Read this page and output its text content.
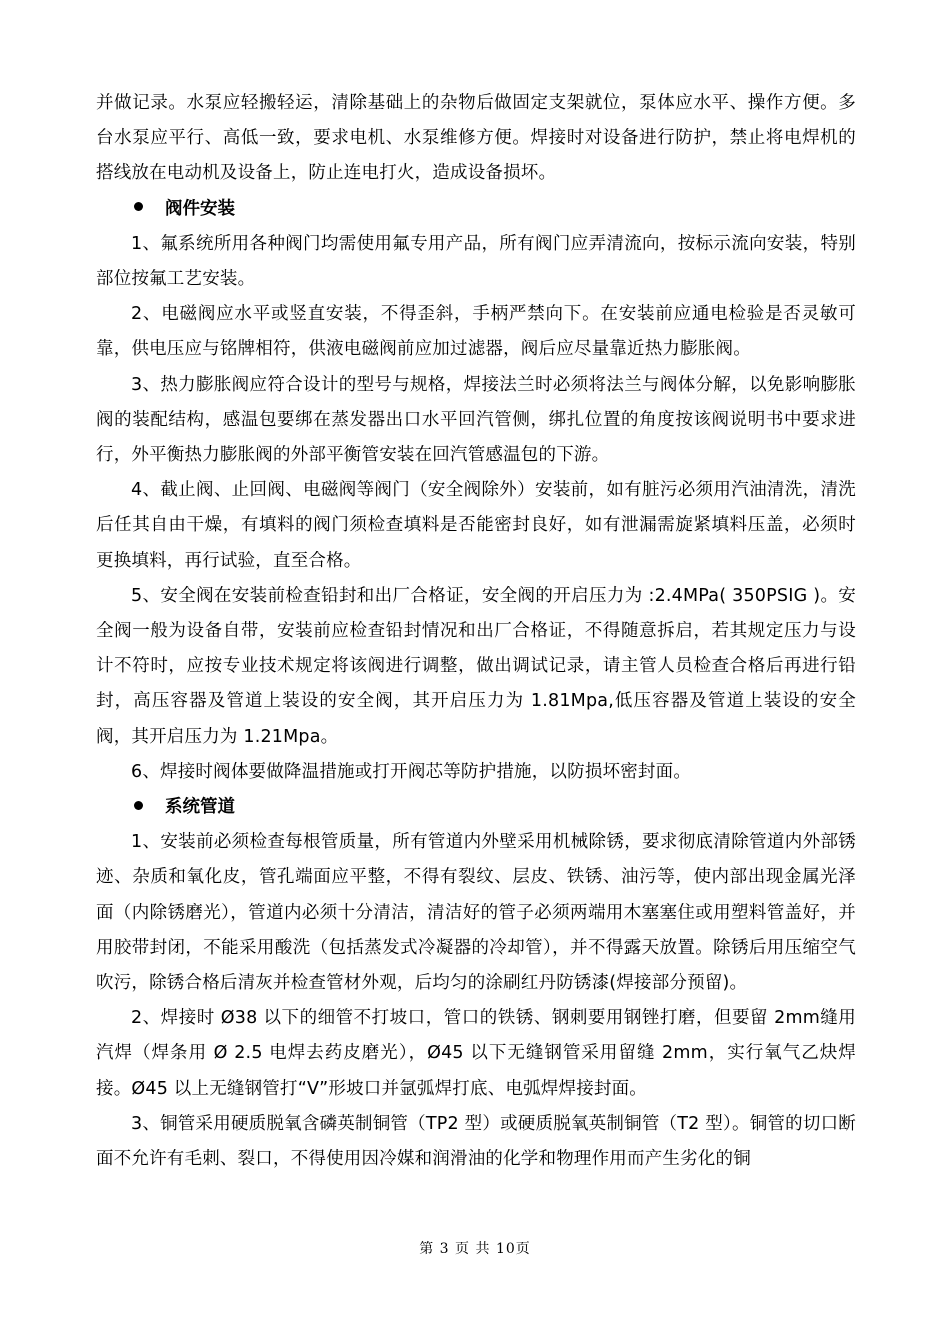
并做记录。水泵应轻搬轻运，清除基础上的杂物后做固定支架就位，泵体应水平、操作方便。多台水泵应平行、高低一致，要求电机、水泵维修方便。焊接时对设备进行防护，禁止将电焊机的搭线放在电动机及设备上，防止连电打火，造成设备损坏。

阀件安装

1、氟系统所用各种阀门均需使用氟专用产品，所有阀门应弄清流向，按标示流向安装，特别部位按氟工艺安装。

2、电磁阀应水平或竖直安装，不得歪斜，手柄严禁向下。在安装前应通电检验是否灵敏可靠，供电压应与铭牌相符，供液电磁阀前应加过滤器，阀后应尽量靠近热力膨胀阀。

3、热力膨胀阀应符合设计的型号与规格，焊接法兰时必须将法兰与阀体分解，以免影响膨胀阀的装配结构，感温包要绑在蒸发器出口水平回汽管侧，绑扎位置的角度按该阀说明书中要求进行，外平衡热力膨胀阀的外部平衡管安装在回汽管感温包的下游。

4、截止阀、止回阀、电磁阀等阀门（安全阀除外）安装前，如有脏污必须用汽油清洗，清洗后任其自由干燥，有填料的阀门须检查填料是否能密封良好，如有泄漏需旋紧填料压盖，必须时更换填料，再行试验，直至合格。

5、安全阀在安装前检查铅封和出厂合格证，安全阀的开启压力为 :2.4MPa( 350PSIG )。安全阀一般为设备自带，安装前应检查铅封情况和出厂合格证，不得随意拆启，若其规定压力与设计不符时，应按专业技术规定将该阀进行调整，做出调试记录，请主管人员检查合格后再进行铅封，高压容器及管道上装设的安全阀，其开启压力为 1.81Mpa,低压容器及管道上装设的安全阀，其开启压力为 1.21Mpa。

6、焊接时阀体要做降温措施或打开阀芯等防护措施，以防损坏密封面。

系统管道

1、安装前必须检查每根管质量，所有管道内外壁采用机械除锈，要求彻底清除管道内外部锈迹、杂质和氧化皮，管孔端面应平整，不得有裂纹、层皮、铁锈、油污等，使内部出现金属光泽面（内除锈磨光），管道内必须十分清洁，清洁好的管子必须两端用木塞塞住或用塑料管盖好，并用胶带封闭，不能采用酸洗（包括蒸发式冷凝器的冷却管），并不得露天放置。除锈后用压缩空气吹污，除锈合格后清灰并检查管材外观，后均匀的涂刷红丹防锈漆(焊接部分预留)。

2、焊接时 Ø38 以下的细管不打坡口，管口的铁锈、钢刺要用钢锉打磨，但要留 2mm缝用汽焊（焊条用 Ø 2.5 电焊去药皮磨光），Ø45 以下无缝钢管采用留缝 2mm，实行氧气乙炔焊接。Ø45 以上无缝钢管打“V”形坡口并氩弧焊打底、电弧焊焊接封面。

3、铜管采用硬质脱氧含磷英制铜管（TP2 型）或硬质脱氧英制铜管（T2 型）。铜管的切口断面不允许有毛刺、裂口，不得使用因冷媒和润滑油的化学和物理作用而产生劣化的铜

第 3 页 共 10页
